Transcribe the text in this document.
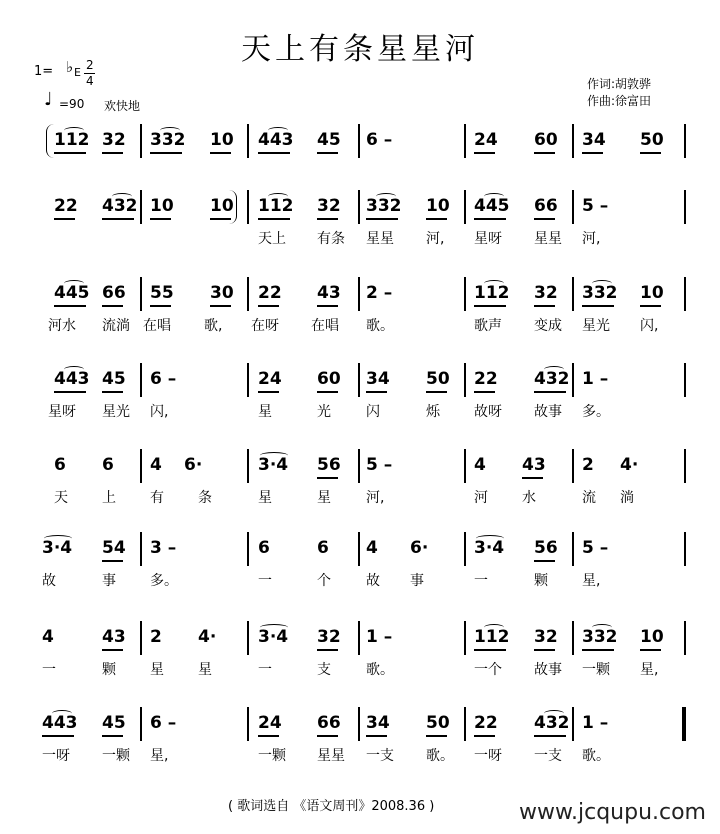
天上有条星星河
1= ♭ E
2
4
♩ =90 欢快地
作词:胡敦骅
作曲:徐富田
112 32 332 10 443 45 6 –	24 60 34 50
22 432 10 10 112 32 332 10 445 66 5 –
天上 有条 星星 河, 星呀 星星 河,
445 66 55 30 22 43 2 –	112 32 332 10
河水 流淌 在唱 歌, 在呀 在唱 歌。	歌声 变成 星光 闪,
443 45 6 –	24 60 34 50 22 432 1 –
星呀 星光 闪,	星	光	闪	烁 故呀 故事 多。
6 6 4 6·	3·4 56 5 –	4 43 2 4·
天 上 有 条	星	星	河,	河 水	流 淌
3·4 54 3 –	6	6 4 6·	3·4 56 5 –
故	事 多。	一	个	故 事	一	颗 星,
4	43 2 4· 3·4 32 1 –	112 32 332 10
一	颗 星 星	一	支	歌。	一个 故事 一颗 星,
443 45 6 –	24 66 34 50 22 432 1 –
一呀 一颗 星,	一颗 星星 一支 歌。 一呀 一支 歌。
( 歌词选自 《语文周刊》2008.36 )	www.jcqupu.com
